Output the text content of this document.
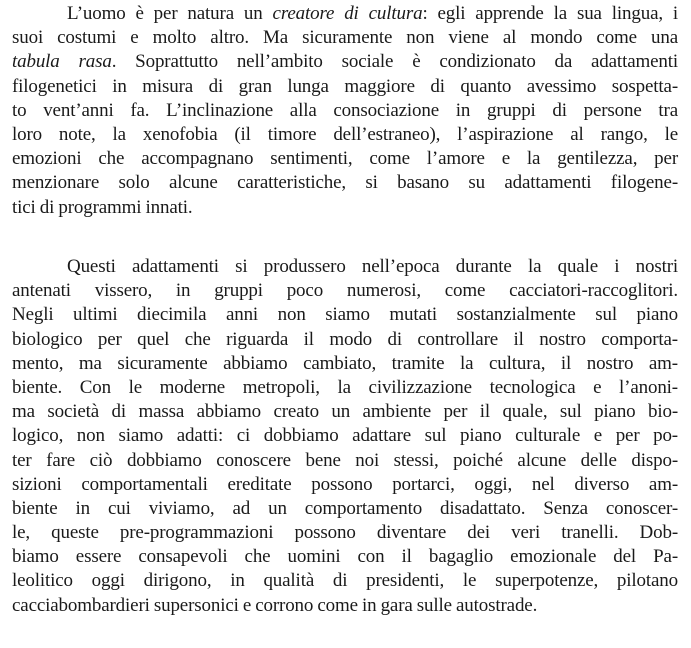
L’uomo è per natura un creatore di cultura: egli apprende la sua lingua, i
suoi costumi e molto altro. Ma sicuramente non viene al mondo come una
tabula rasa. Soprattutto nell’ambito sociale è condizionato da adattamenti
filogenetici in misura di gran lunga maggiore di quanto avessimo sospetta-
to vent’anni fa. L’inclinazione alla consociazione in gruppi di persone tra
loro note, la xenofobia (il timore dell’estraneo), l’aspirazione al rango, le
emozioni che accompagnano sentimenti, come l’amore e la gentilezza, per
menzionare solo alcune caratteristiche, si basano su adattamenti filogene-
tici di programmi innati.
Questi adattamenti si produssero nell’epoca durante la quale i nostri
antenati vissero, in gruppi poco numerosi, come cacciatori-raccoglitori.
Negli ultimi diecimila anni non siamo mutati sostanzialmente sul piano
biologico per quel che riguarda il modo di controllare il nostro comporta-
mento, ma sicuramente abbiamo cambiato, tramite la cultura, il nostro am-
biente. Con le moderne metropoli, la civilizzazione tecnologica e l’anoni-
ma società di massa abbiamo creato un ambiente per il quale, sul piano bio-
logico, non siamo adatti: ci dobbiamo adattare sul piano culturale e per po-
ter fare ciò dobbiamo conoscere bene noi stessi, poiché alcune delle dispo-
sizioni comportamentali ereditate possono portarci, oggi, nel diverso am-
biente in cui viviamo, ad un comportamento disadattato. Senza conoscer-
le, queste pre-programmazioni possono diventare dei veri tranelli. Dob-
biamo essere consapevoli che uomini con il bagaglio emozionale del Pa-
leolitico oggi dirigono, in qualità di presidenti, le superpotenze, pilotano
cacciabombardieri supersonici e corrono come in gara sulle autostrade.
